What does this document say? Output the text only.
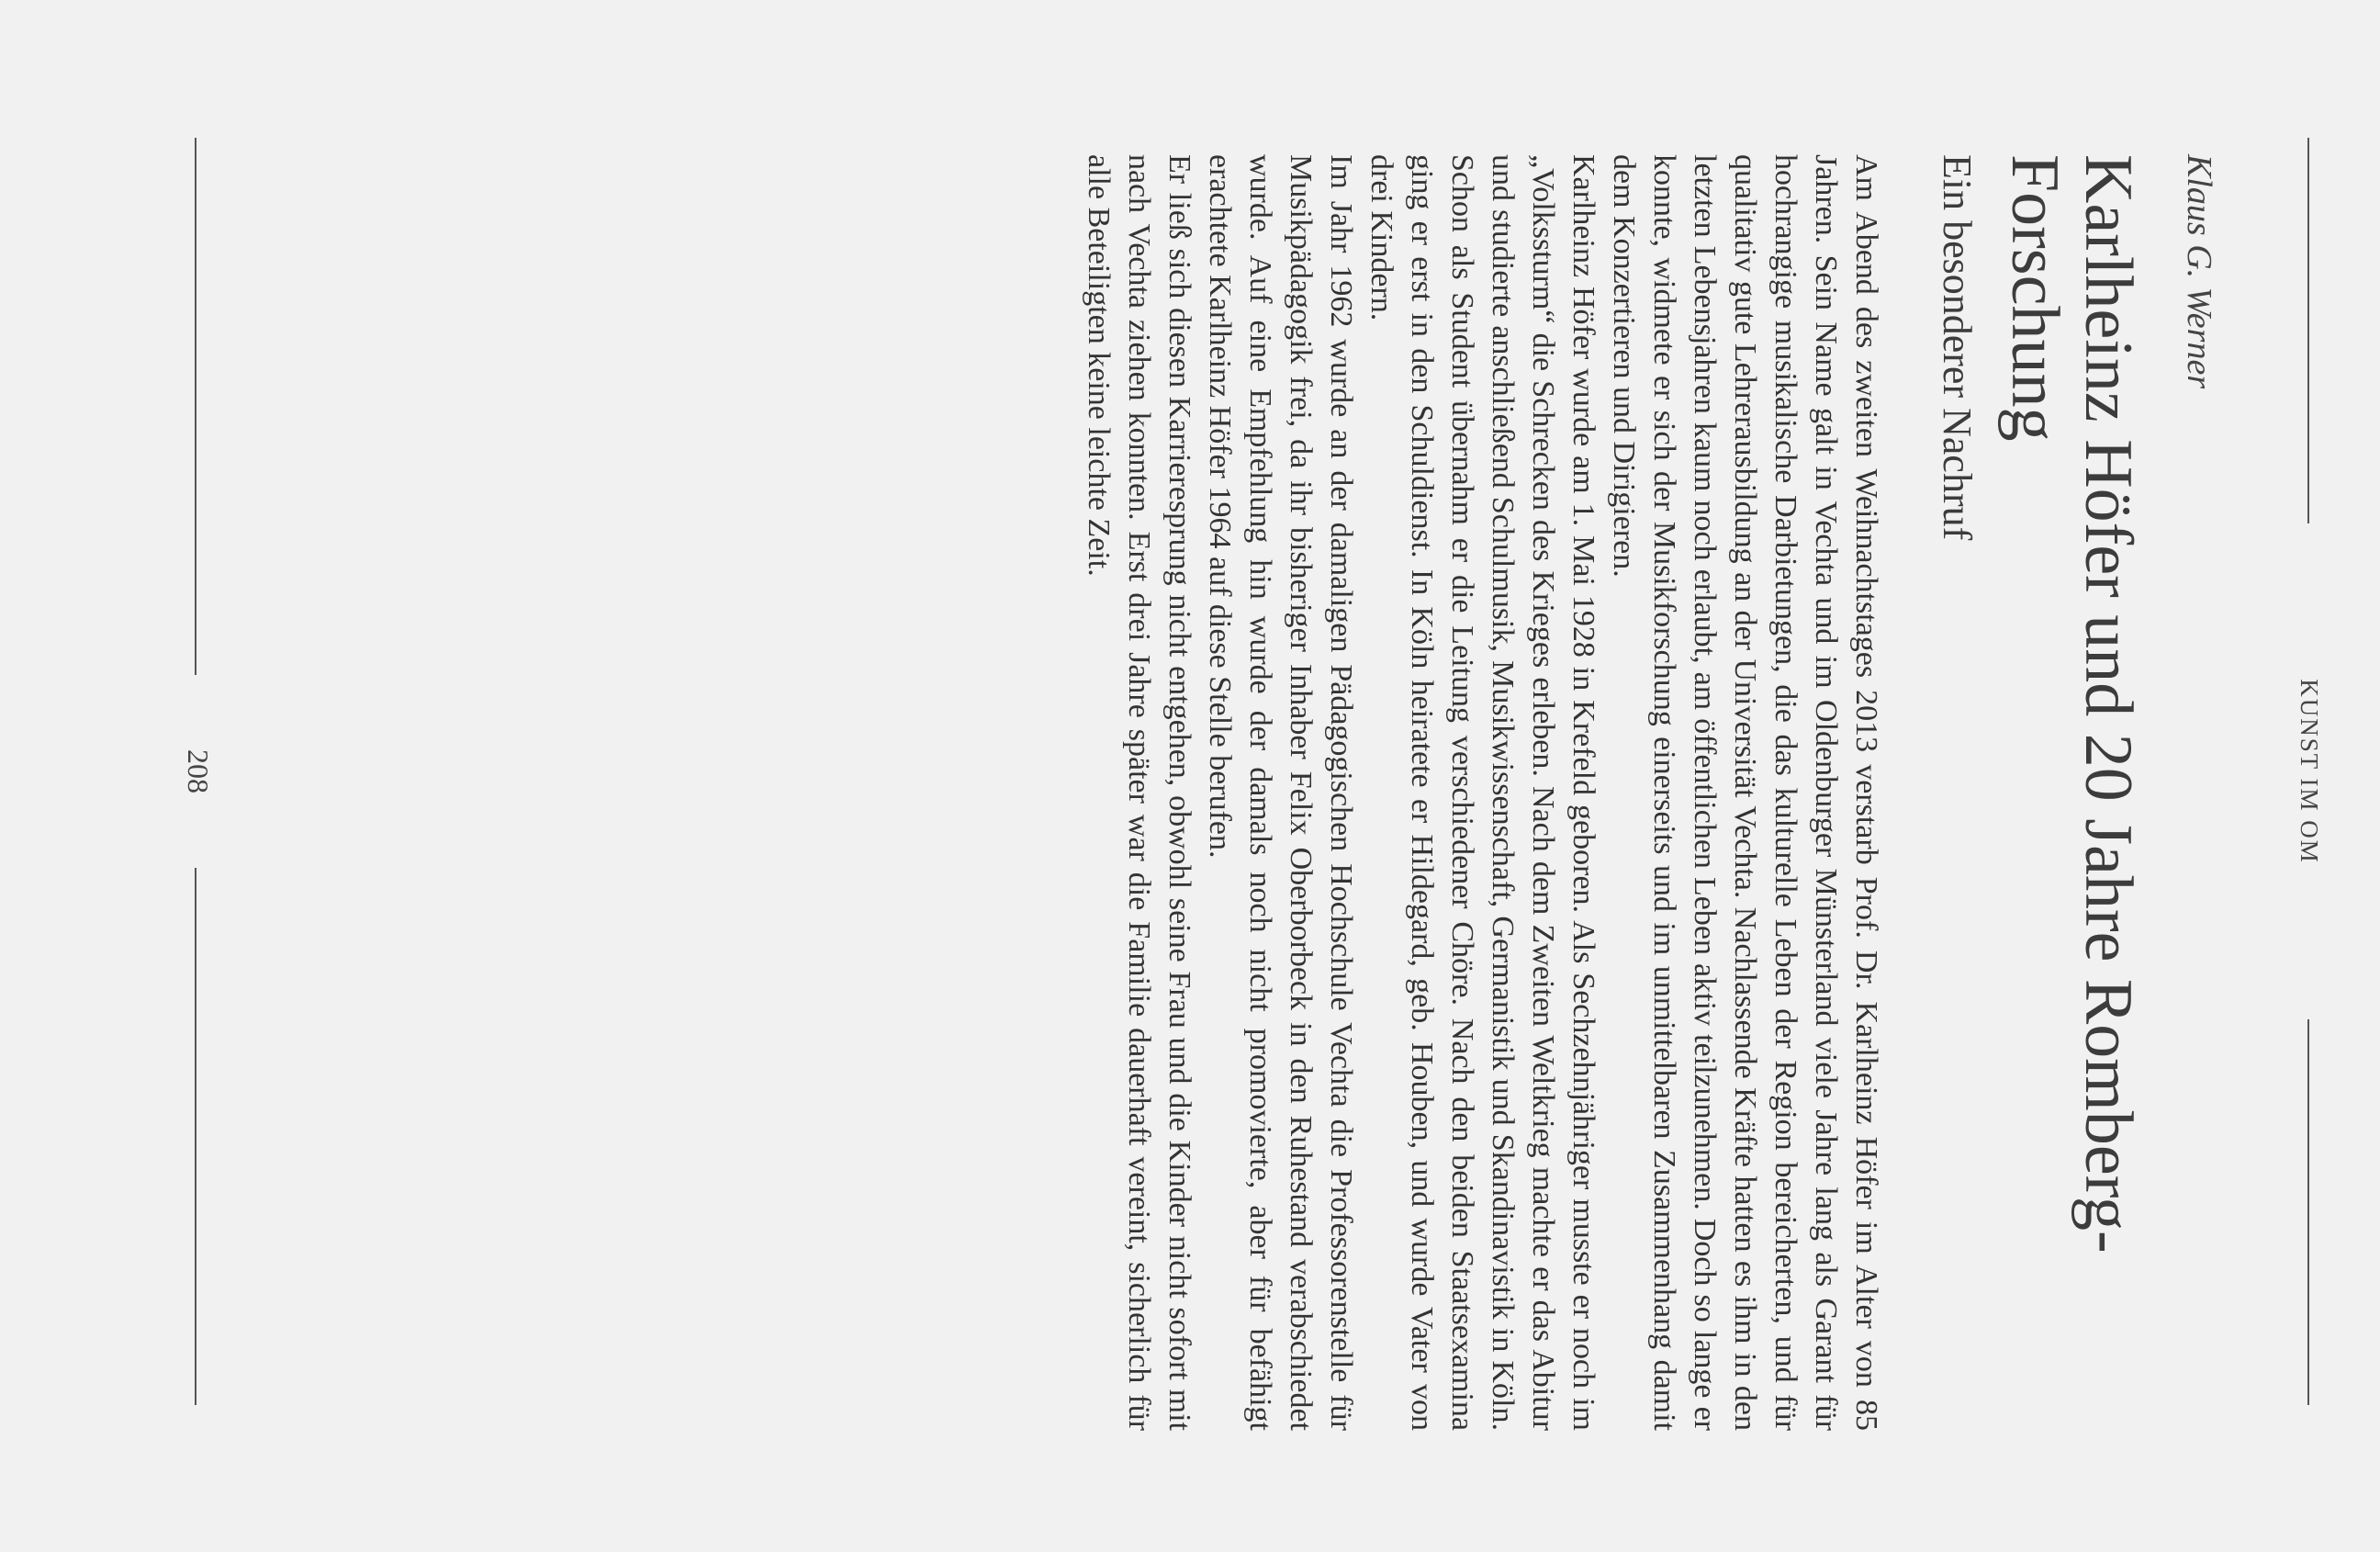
KUNST IM OM
Klaus G. Werner
Karlheinz Höfer und 20 Jahre Romberg-Forschung
Ein besonderer Nachruf

Am Abend des zweiten Weihnachtstages 2013 verstarb Prof. Dr. Karlheinz Höfer im Alter von 85 Jahren. Sein Name galt in Vechta und im Oldenburger Münsterland viele Jahre lang als Garant für hochrangige musikalische Darbietungen, die das kulturelle Leben der Region bereicherten, und für qualitativ gute Lehrerausbildung an der Universität Vechta. Nachlassende Kräfte hatten es ihm in den letzten Lebensjahren kaum noch erlaubt, am öffentlichen Leben aktiv teilzunehmen. Doch so lange er konnte, widmete er sich der Musikforschung einerseits und im unmittelbaren Zusammenhang damit dem Konzertieren und Dirigieren.

Karlheinz Höfer wurde am 1. Mai 1928 in Krefeld geboren. Als Sechzehnjähriger musste er noch im „Volkssturm“ die Schrecken des Krieges erleben. Nach dem Zweiten Weltkrieg machte er das Abitur und studierte anschließend Schulmusik, Musikwissenschaft, Germanistik und Skandinavistik in Köln. Schon als Student übernahm er die Leitung verschiedener Chöre. Nach den beiden Staatsexamina ging er erst in den Schuldienst. In Köln heiratete er Hildegard, geb. Houben, und wurde Vater von drei Kindern.

Im Jahr 1962 wurde an der damaligen Pädagogischen Hochschule Vechta die Professorenstelle für Musikpädagogik frei, da ihr bisheriger Inhaber Felix Oberborbeck in den Ruhestand verabschiedet wurde. Auf eine Empfehlung hin wurde der damals noch nicht promovierte, aber für befähigt erachtete Karlheinz Höfer 1964 auf diese Stelle berufen.

Er ließ sich diesen Karrieresprung nicht entgehen, obwohl seine Frau und die Kinder nicht sofort mit nach Vechta ziehen konnten. Erst drei Jahre später war die Familie dauerhaft vereint, sicherlich für alle Beteiligten keine leichte Zeit.

208
